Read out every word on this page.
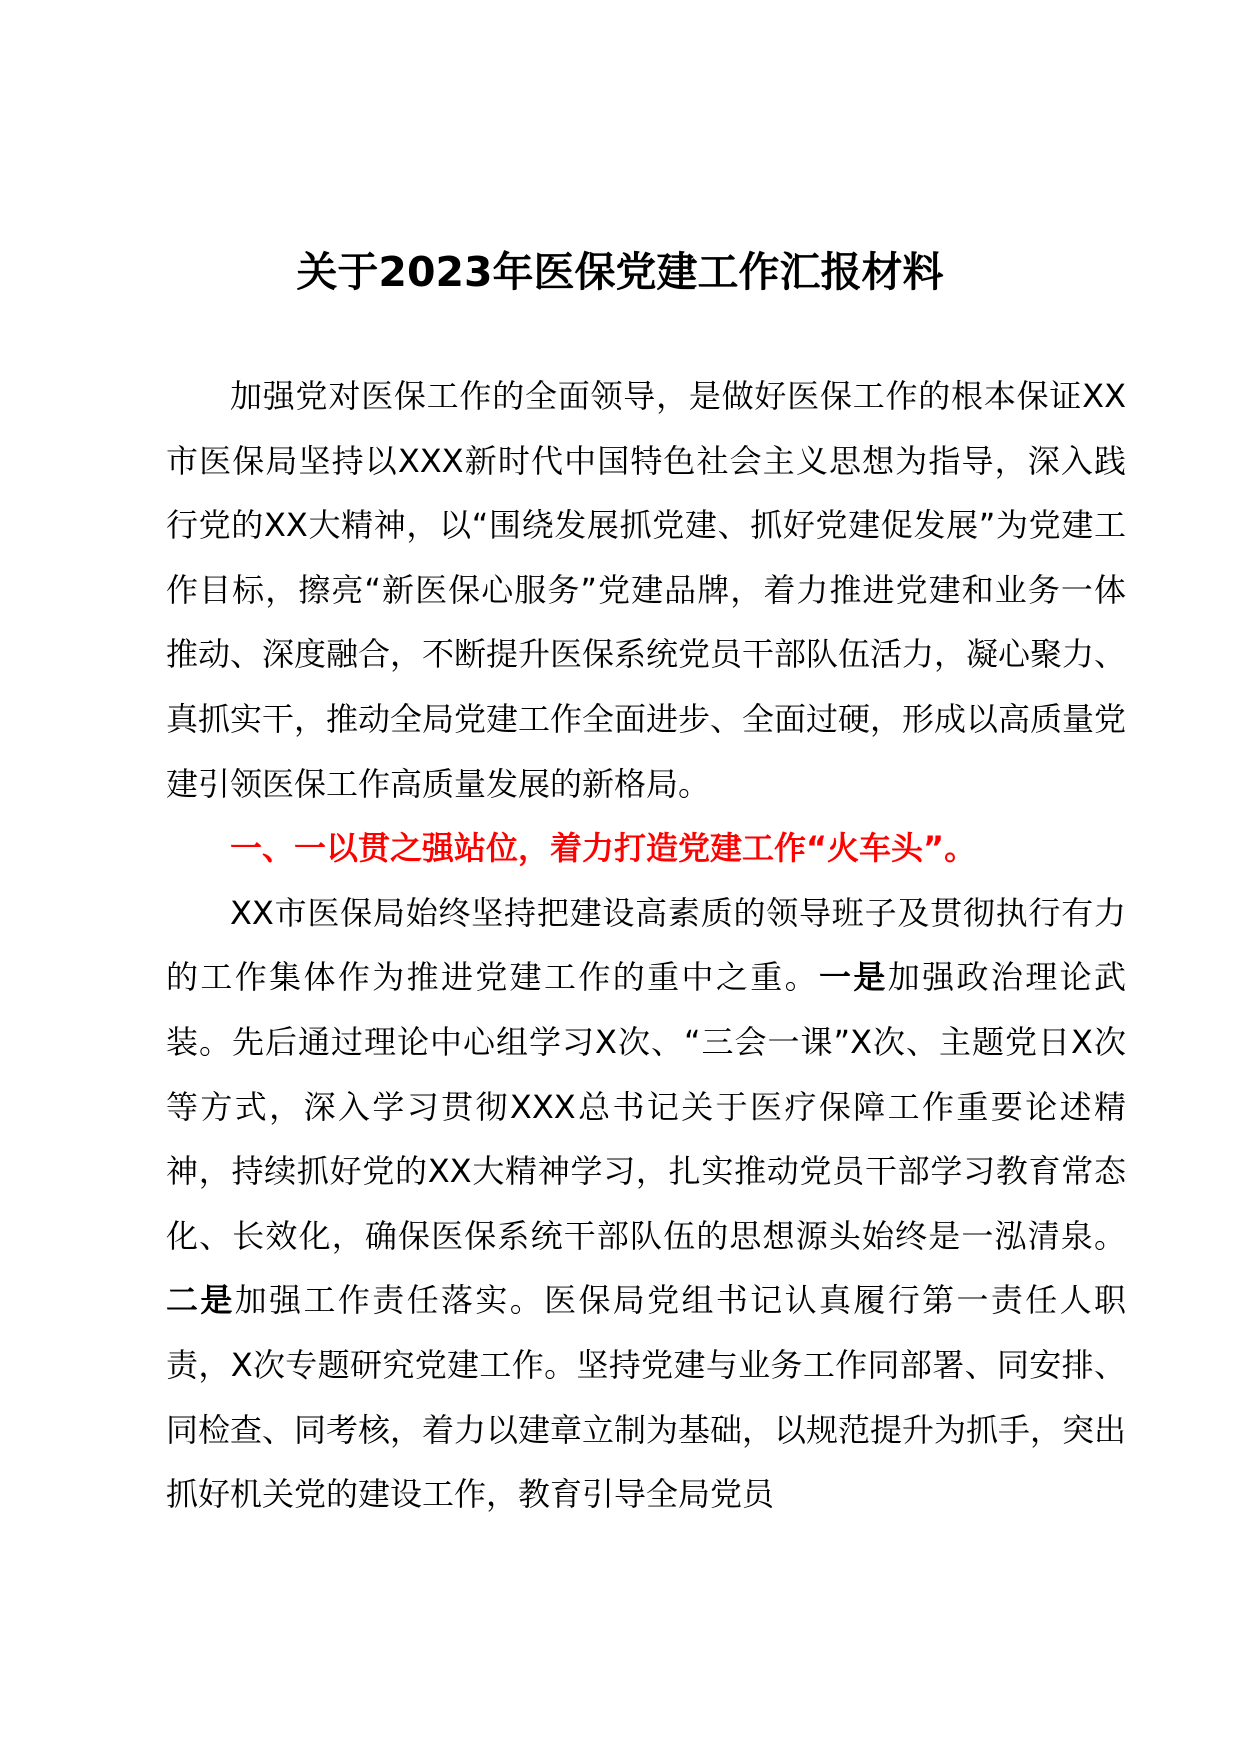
关于2023年医保党建工作汇报材料

加强党对医保工作的全面领导，是做好医保工作的根本保证XX市医保局坚持以XXX新时代中国特色社会主义思想为指导，深入践行党的XX大精神，以“围绕发展抓党建、抓好党建促发展”为党建工作目标，擦亮“新医保心服务”党建品牌，着力推进党建和业务一体推动、深度融合，不断提升医保系统党员干部队伍活力，凝心聚力、真抓实干，推动全局党建工作全面进步、全面过硬，形成以高质量党建引领医保工作高质量发展的新格局。

一、一以贯之强站位，着力打造党建工作“火车头”。

XX市医保局始终坚持把建设高素质的领导班子及贯彻执行有力的工作集体作为推进党建工作的重中之重。一是加强政治理论武装。先后通过理论中心组学习X次、“三会一课”X次、主题党日X次等方式，深入学习贯彻XXX总书记关于医疗保障工作重要论述精神，持续抓好党的XX大精神学习，扎实推动党员干部学习教育常态化、长效化，确保医保系统干部队伍的思想源头始终是一泓清泉。二是加强工作责任落实。医保局党组书记认真履行第一责任人职责，X次专题研究党建工作。坚持党建与业务工作同部署、同安排、同检查、同考核，着力以建章立制为基础，以规范提升为抓手，突出抓好机关党的建设工作，教育引导全局党员
